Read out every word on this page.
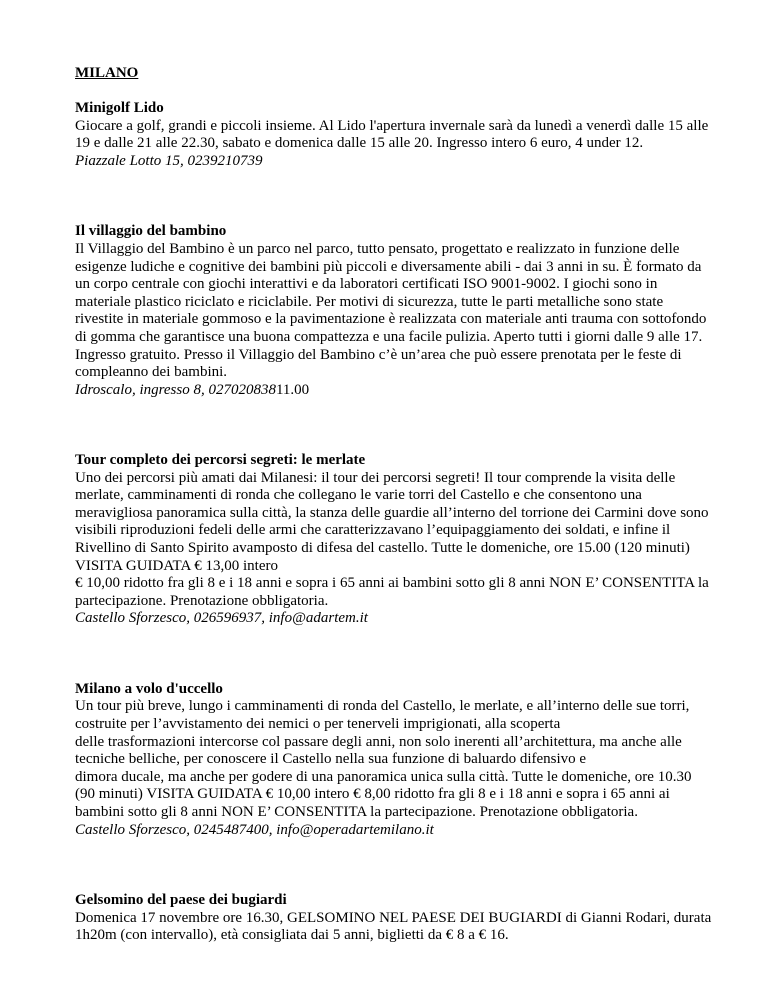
MILANO

Minigolf Lido

Giocare a golf, grandi e piccoli insieme. Al Lido l'apertura invernale sarà da lunedì a venerdì dalle 15 alle 19 e dalle 21 alle 22.30, sabato e domenica dalle 15 alle 20. Ingresso intero 6 euro, 4 under 12.

Piazzale Lotto 15, 0239210739

Il villaggio del bambino

Il Villaggio del Bambino è un parco nel parco, tutto pensato, progettato e realizzato in funzione delle esigenze ludiche e cognitive dei bambini più piccoli e diversamente abili - dai 3 anni in su. È formato da un corpo centrale con giochi interattivi e da laboratori certificati ISO 9001-9002. I giochi sono in materiale plastico riciclato e riciclabile. Per motivi di sicurezza, tutte le parti metalliche sono state rivestite in materiale gommoso e la pavimentazione è realizzata con materiale anti trauma con sottofondo di gomma che garantisce una buona compattezza e una facile pulizia. Aperto tutti i giorni dalle 9 alle 17. Ingresso gratuito. Presso il Villaggio del Bambino c’è un’area che può essere prenotata per le feste di compleanno dei bambini.

Idroscalo, ingresso 8, 02702083811.00

Tour completo dei percorsi segreti: le merlate

Uno dei percorsi più amati dai Milanesi: il tour dei percorsi segreti! Il tour comprende la visita delle merlate, camminamenti di ronda che collegano le varie torri del Castello e che consentono una meravigliosa panoramica sulla città, la stanza delle guardie all’interno del torrione dei Carmini dove sono visibili riproduzioni fedeli delle armi che caratterizzavano l’equipaggiamento dei soldati, e infine il Rivellino di Santo Spirito avamposto di difesa del castello. Tutte le domeniche, ore 15.00 (120 minuti) VISITA GUIDATA € 13,00 intero
€ 10,00 ridotto fra gli 8 e i 18 anni e sopra i 65 anni ai bambini sotto gli 8 anni NON E’ CONSENTITA la partecipazione. Prenotazione obbligatoria.

Castello Sforzesco, 026596937, info@adartem.it

Milano a volo d'uccello

Un tour più breve, lungo i camminamenti di ronda del Castello, le merlate, e all’interno delle sue torri, costruite per l’avvistamento dei nemici o per tenerveli imprigionati, alla scoperta
delle trasformazioni intercorse col passare degli anni, non solo inerenti all’architettura, ma anche alle tecniche belliche, per conoscere il Castello nella sua funzione di baluardo difensivo e
dimora ducale, ma anche per godere di una panoramica unica sulla città. Tutte le domeniche, ore 10.30 (90 minuti) VISITA GUIDATA € 10,00 intero € 8,00 ridotto fra gli 8 e i 18 anni e sopra i 65 anni ai bambini sotto gli 8 anni NON E’ CONSENTITA la partecipazione. Prenotazione obbligatoria.

Castello Sforzesco, 0245487400, info@operadartemilano.it

Gelsomino del paese dei bugiardi

Domenica 17 novembre ore 16.30, GELSOMINO NEL PAESE DEI BUGIARDI di Gianni Rodari, durata 1h20m (con intervallo), età consigliata dai 5 anni, biglietti da € 8 a € 16.
